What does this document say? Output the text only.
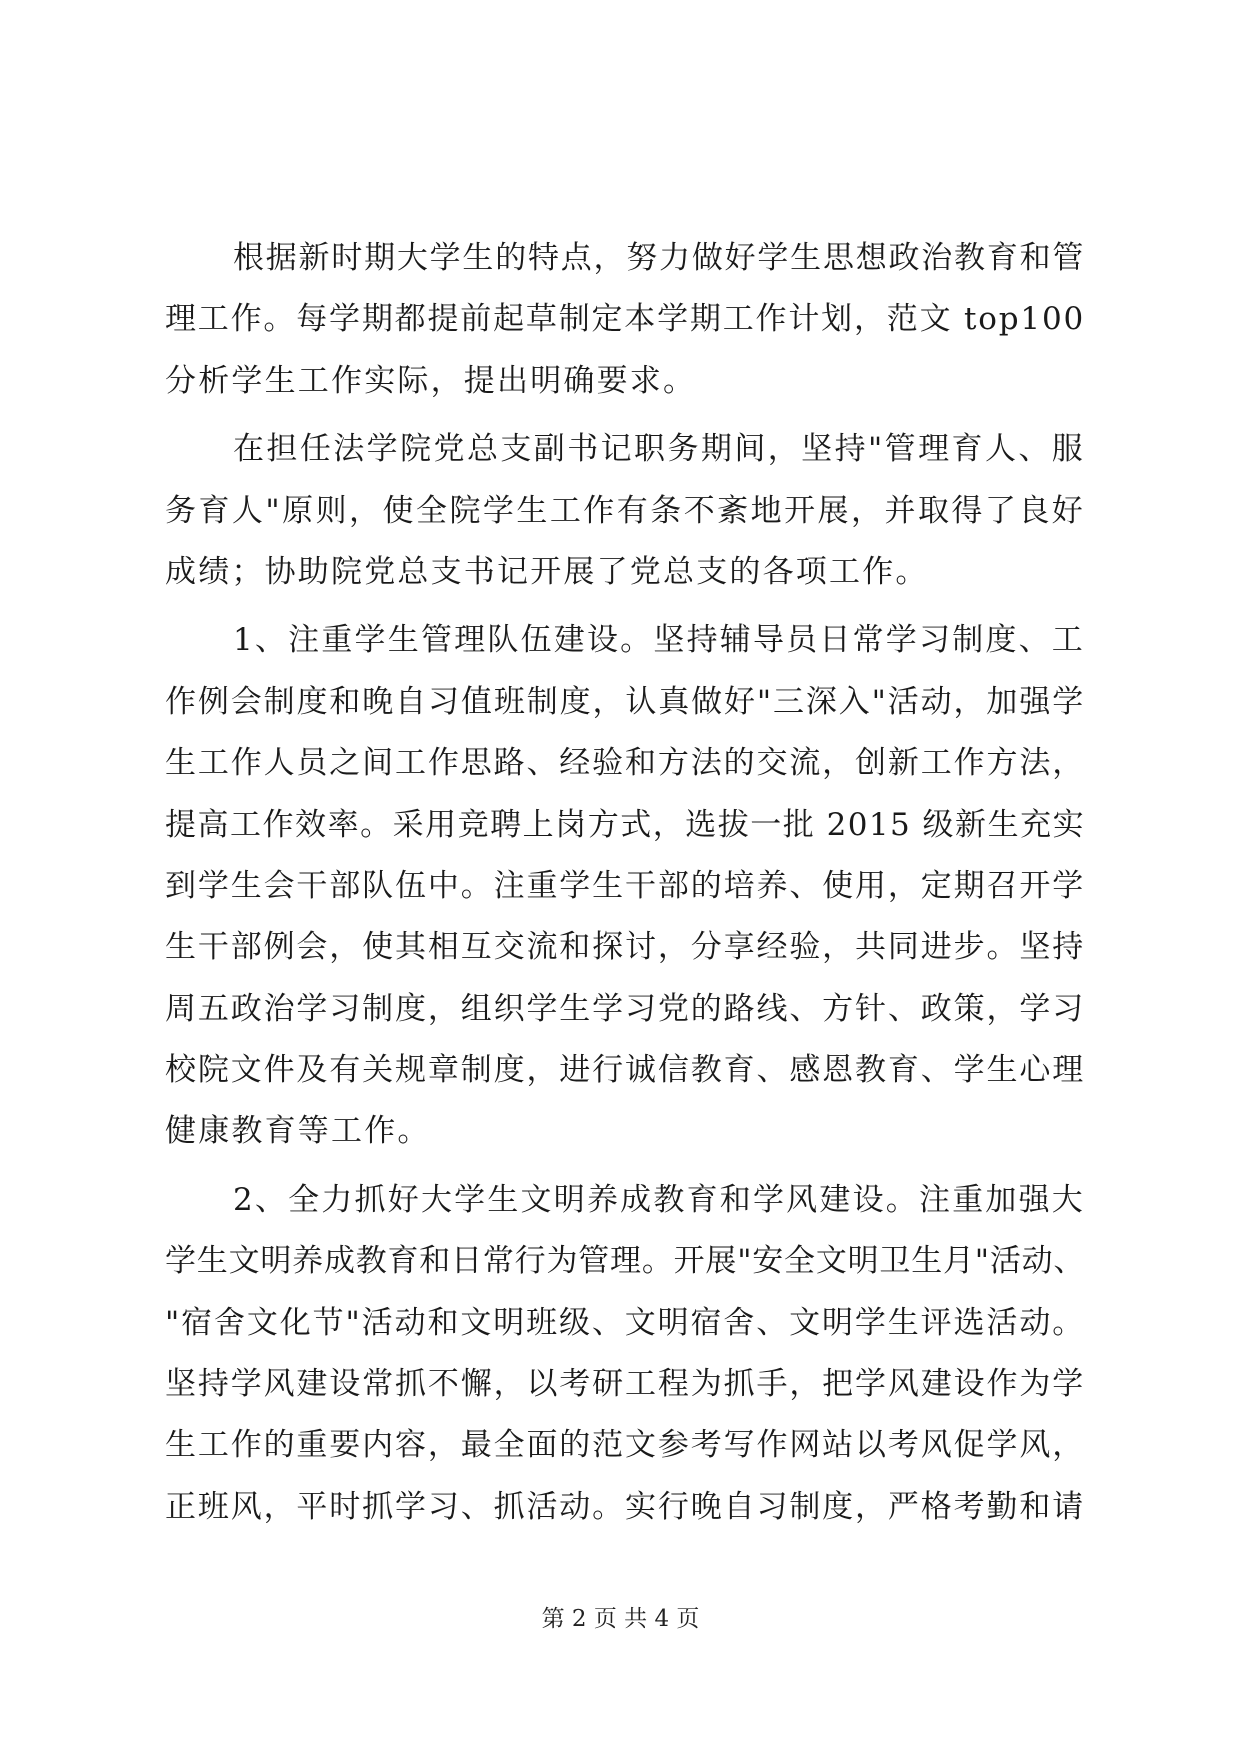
根据新时期大学生的特点，努力做好学生思想政治教育和管
理工作。每学期都提前起草制定本学期工作计划，范文 top100
分析学生工作实际，提出明确要求。
在担任法学院党总支副书记职务期间，坚持"管理育人、服
务育人"原则，使全院学生工作有条不紊地开展，并取得了良好
成绩；协助院党总支书记开展了党总支的各项工作。
1、注重学生管理队伍建设。坚持辅导员日常学习制度、工
作例会制度和晚自习值班制度，认真做好"三深入"活动，加强学
生工作人员之间工作思路、经验和方法的交流，创新工作方法，
提高工作效率。采用竞聘上岗方式，选拔一批 2015 级新生充实
到学生会干部队伍中。注重学生干部的培养、使用，定期召开学
生干部例会，使其相互交流和探讨，分享经验，共同进步。坚持
周五政治学习制度，组织学生学习党的路线、方针、政策，学习
校院文件及有关规章制度，进行诚信教育、感恩教育、学生心理
健康教育等工作。
2、全力抓好大学生文明养成教育和学风建设。注重加强大
学生文明养成教育和日常行为管理。开展"安全文明卫生月"活动、
"宿舍文化节"活动和文明班级、文明宿舍、文明学生评选活动。
坚持学风建设常抓不懈，以考研工程为抓手，把学风建设作为学
生工作的重要内容，最全面的范文参考写作网站以考风促学风，
正班风，平时抓学习、抓活动。实行晚自习制度，严格考勤和请
第 2 页 共 4 页
